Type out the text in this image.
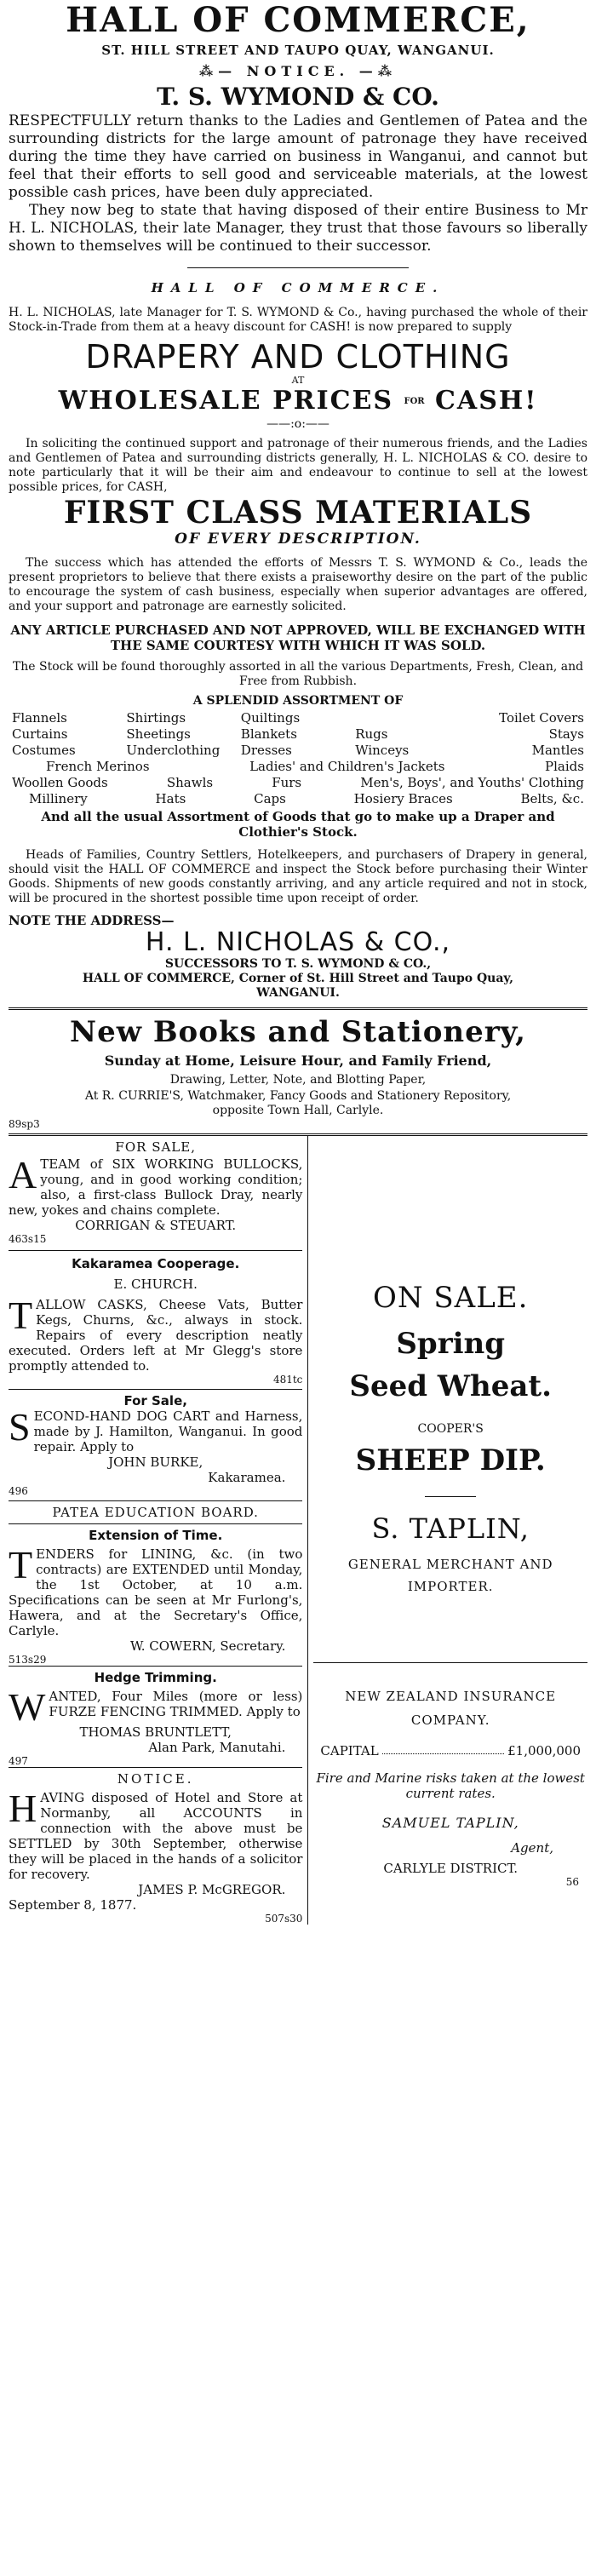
HALL OF COMMERCE,
ST. HILL STREET AND TAUPO QUAY, WANGANUI.
⁂— NOTICE. —⁂
T. S. WYMOND & CO.
RESPECTFULLY return thanks to the Ladies and Gentlemen of Patea and the surrounding districts for the large amount of patronage they have received during the time they have carried on business in Wanganui, and cannot but feel that their efforts to sell good and serviceable materials, at the lowest possible cash prices, have been duly appreciated.
They now beg to state that having disposed of their entire Business to Mr H. L. NICHOLAS, their late Manager, they trust that those favours so liberally shown to themselves will be continued to their successor.
HALL OF COMMERCE.
H. L. NICHOLAS, late Manager for T. S. WYMOND & Co., having purchased the whole of their Stock-in-Trade from them at a heavy discount for CASH! is now prepared to supply
DRAPERY AND CLOTHING
AT
WHOLESALE PRICES FOR CASH!
——:o:——
In soliciting the continued support and patronage of their numerous friends, and the Ladies and Gentlemen of Patea and surrounding districts generally, H. L. NICHOLAS & CO. desire to note particularly that it will be their aim and endeavour to continue to sell at the lowest possible prices, for CASH,
FIRST CLASS MATERIALS
OF EVERY DESCRIPTION.
The success which has attended the efforts of Messrs T. S. WYMOND & Co., leads the present proprietors to believe that there exists a praiseworthy desire on the part of the public to encourage the system of cash business, especially when superior advantages are offered, and your support and patronage are earnestly solicited.
ANY ARTICLE PURCHASED AND NOT APPROVED, WILL BE EXCHANGED WITH THE SAME COURTESY WITH WHICH IT WAS SOLD.
The Stock will be found thoroughly assorted in all the various Departments, Fresh, Clean, and Free from Rubbish.
A SPLENDID ASSORTMENT OF
Flannels	Shirtings	Quiltings	Toilet Covers
Curtains	Sheetings	Blankets	Rugs	Stays
Costumes	Underclothing	Dresses	Winceys	Mantles
French Merinos	Ladies' and Children's Jackets	Plaids
Woollen Goods	Shawls	Furs	Men's, Boys', and Youths' Clothing
Millinery	Hats	Caps	Hosiery Braces	Belts, &c.
And all the usual Assortment of Goods that go to make up a Draper and Clothier's Stock.
Heads of Families, Country Settlers, Hotelkeepers, and purchasers of Drapery in general, should visit the HALL OF COMMERCE and inspect the Stock before purchasing their Winter Goods. Shipments of new goods constantly arriving, and any article required and not in stock, will be procured in the shortest possible time upon receipt of order.
NOTE THE ADDRESS—
H. L. NICHOLAS & CO.,
SUCCESSORS TO T. S. WYMOND & CO.,
HALL OF COMMERCE, Corner of St. Hill Street and Taupo Quay,
WANGANUI.
New Books and Stationery,
Sunday at Home, Leisure Hour, and Family Friend,
Drawing, Letter, Note, and Blotting Paper,
At R. CURRIE'S, Watchmaker, Fancy Goods and Stationery Repository,
opposite Town Hall, Carlyle.
89sp3
FOR SALE,
A TEAM of SIX WORKING BULLOCKS, young, and in good working condition; also, a first-class Bullock Dray, nearly new, yokes and chains complete.
CORRIGAN & STEUART.
463s15
Kakaramea Cooperage.
E. CHURCH.
TALLOW CASKS, Cheese Vats, Butter Kegs, Churns, &c., always in stock. Repairs of every description neatly executed. Orders left at Mr Glegg's store promptly attended to.
481tc
For Sale,
SECOND-HAND DOG CART and Harness, made by J. Hamilton, Wanganui. In good repair. Apply to
JOHN BURKE,
Kakaramea.
496
PATEA EDUCATION BOARD.
Extension of Time.
TENDERS for LINING, &c. (in two contracts) are EXTENDED until Monday, the 1st October, at 10 a.m. Specifications can be seen at Mr Furlong's, Hawera, and at the Secretary's Office, Carlyle.
W. COWERN, Secretary.
513s29
Hedge Trimming.
WANTED, Four Miles (more or less) FURZE FENCING TRIMMED. Apply to
THOMAS BRUNTLETT,
Alan Park, Manutahi.
497
NOTICE.
HAVING disposed of Hotel and Store at Normanby, all ACCOUNTS in connection with the above must be SETTLED by 30th September, otherwise they will be placed in the hands of a solicitor for recovery.
JAMES P. McGREGOR.
September 8, 1877.
507s30
ON SALE.
Spring
Seed Wheat.
COOPER'S
SHEEP DIP.
S. TAPLIN,
GENERAL MERCHANT AND
IMPORTER.
NEW ZEALAND INSURANCE
COMPANY.
CAPITAL	£1,000,000
Fire and Marine risks taken at the lowest current rates.
SAMUEL TAPLIN,
Agent,
CARLYLE DISTRICT.
56
